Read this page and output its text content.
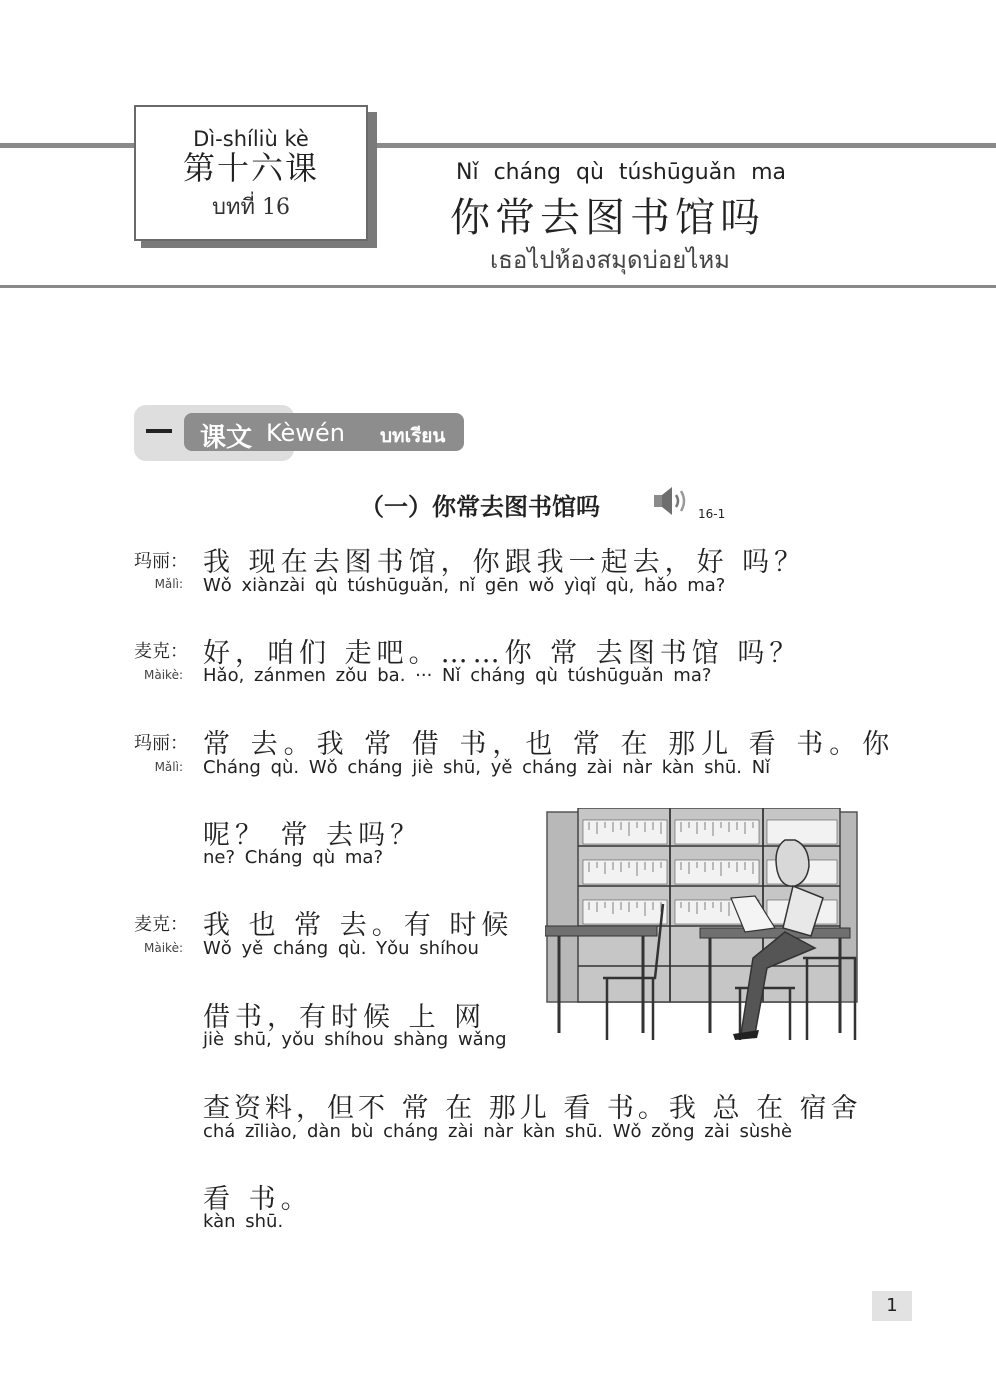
Dì-shíliù kè
第十六课
บทที่ 16
Nǐ cháng qù túshūguǎn ma
你常去图书馆吗
เธอไปห้องสมุดบ่อยไหม
课文 Kèwén บทเรียน
（一）你常去图书馆吗	16-1
玛丽：
Mǎlì:
我 现在去图书馆，你跟我一起去，好 吗？
Wǒ xiànzài qù túshūguǎn, nǐ gēn wǒ yìqǐ qù, hǎo ma?
麦克：
Màikè:
好，咱们 走吧。……你 常 去图书馆 吗？
Hǎo, zánmen zǒu ba. ··· Nǐ cháng qù túshūguǎn ma?
玛丽：
Mǎlì:
常 去。我 常 借 书，也 常 在 那儿 看 书。你
Cháng qù. Wǒ cháng jiè shū, yě cháng zài nàr kàn shū. Nǐ
呢？ 常 去吗？
ne? Cháng qù ma?
麦克：
Màikè:
我 也 常 去。有 时候
Wǒ yě cháng qù. Yǒu shíhou
借书，有时候 上 网
jiè shū, yǒu shíhou shàng wǎng
查资料，但不 常 在 那儿 看 书。我 总 在 宿舍
chá zīliào, dàn bù cháng zài nàr kàn shū. Wǒ zǒng zài sùshè
看 书。
kàn shū.
1
